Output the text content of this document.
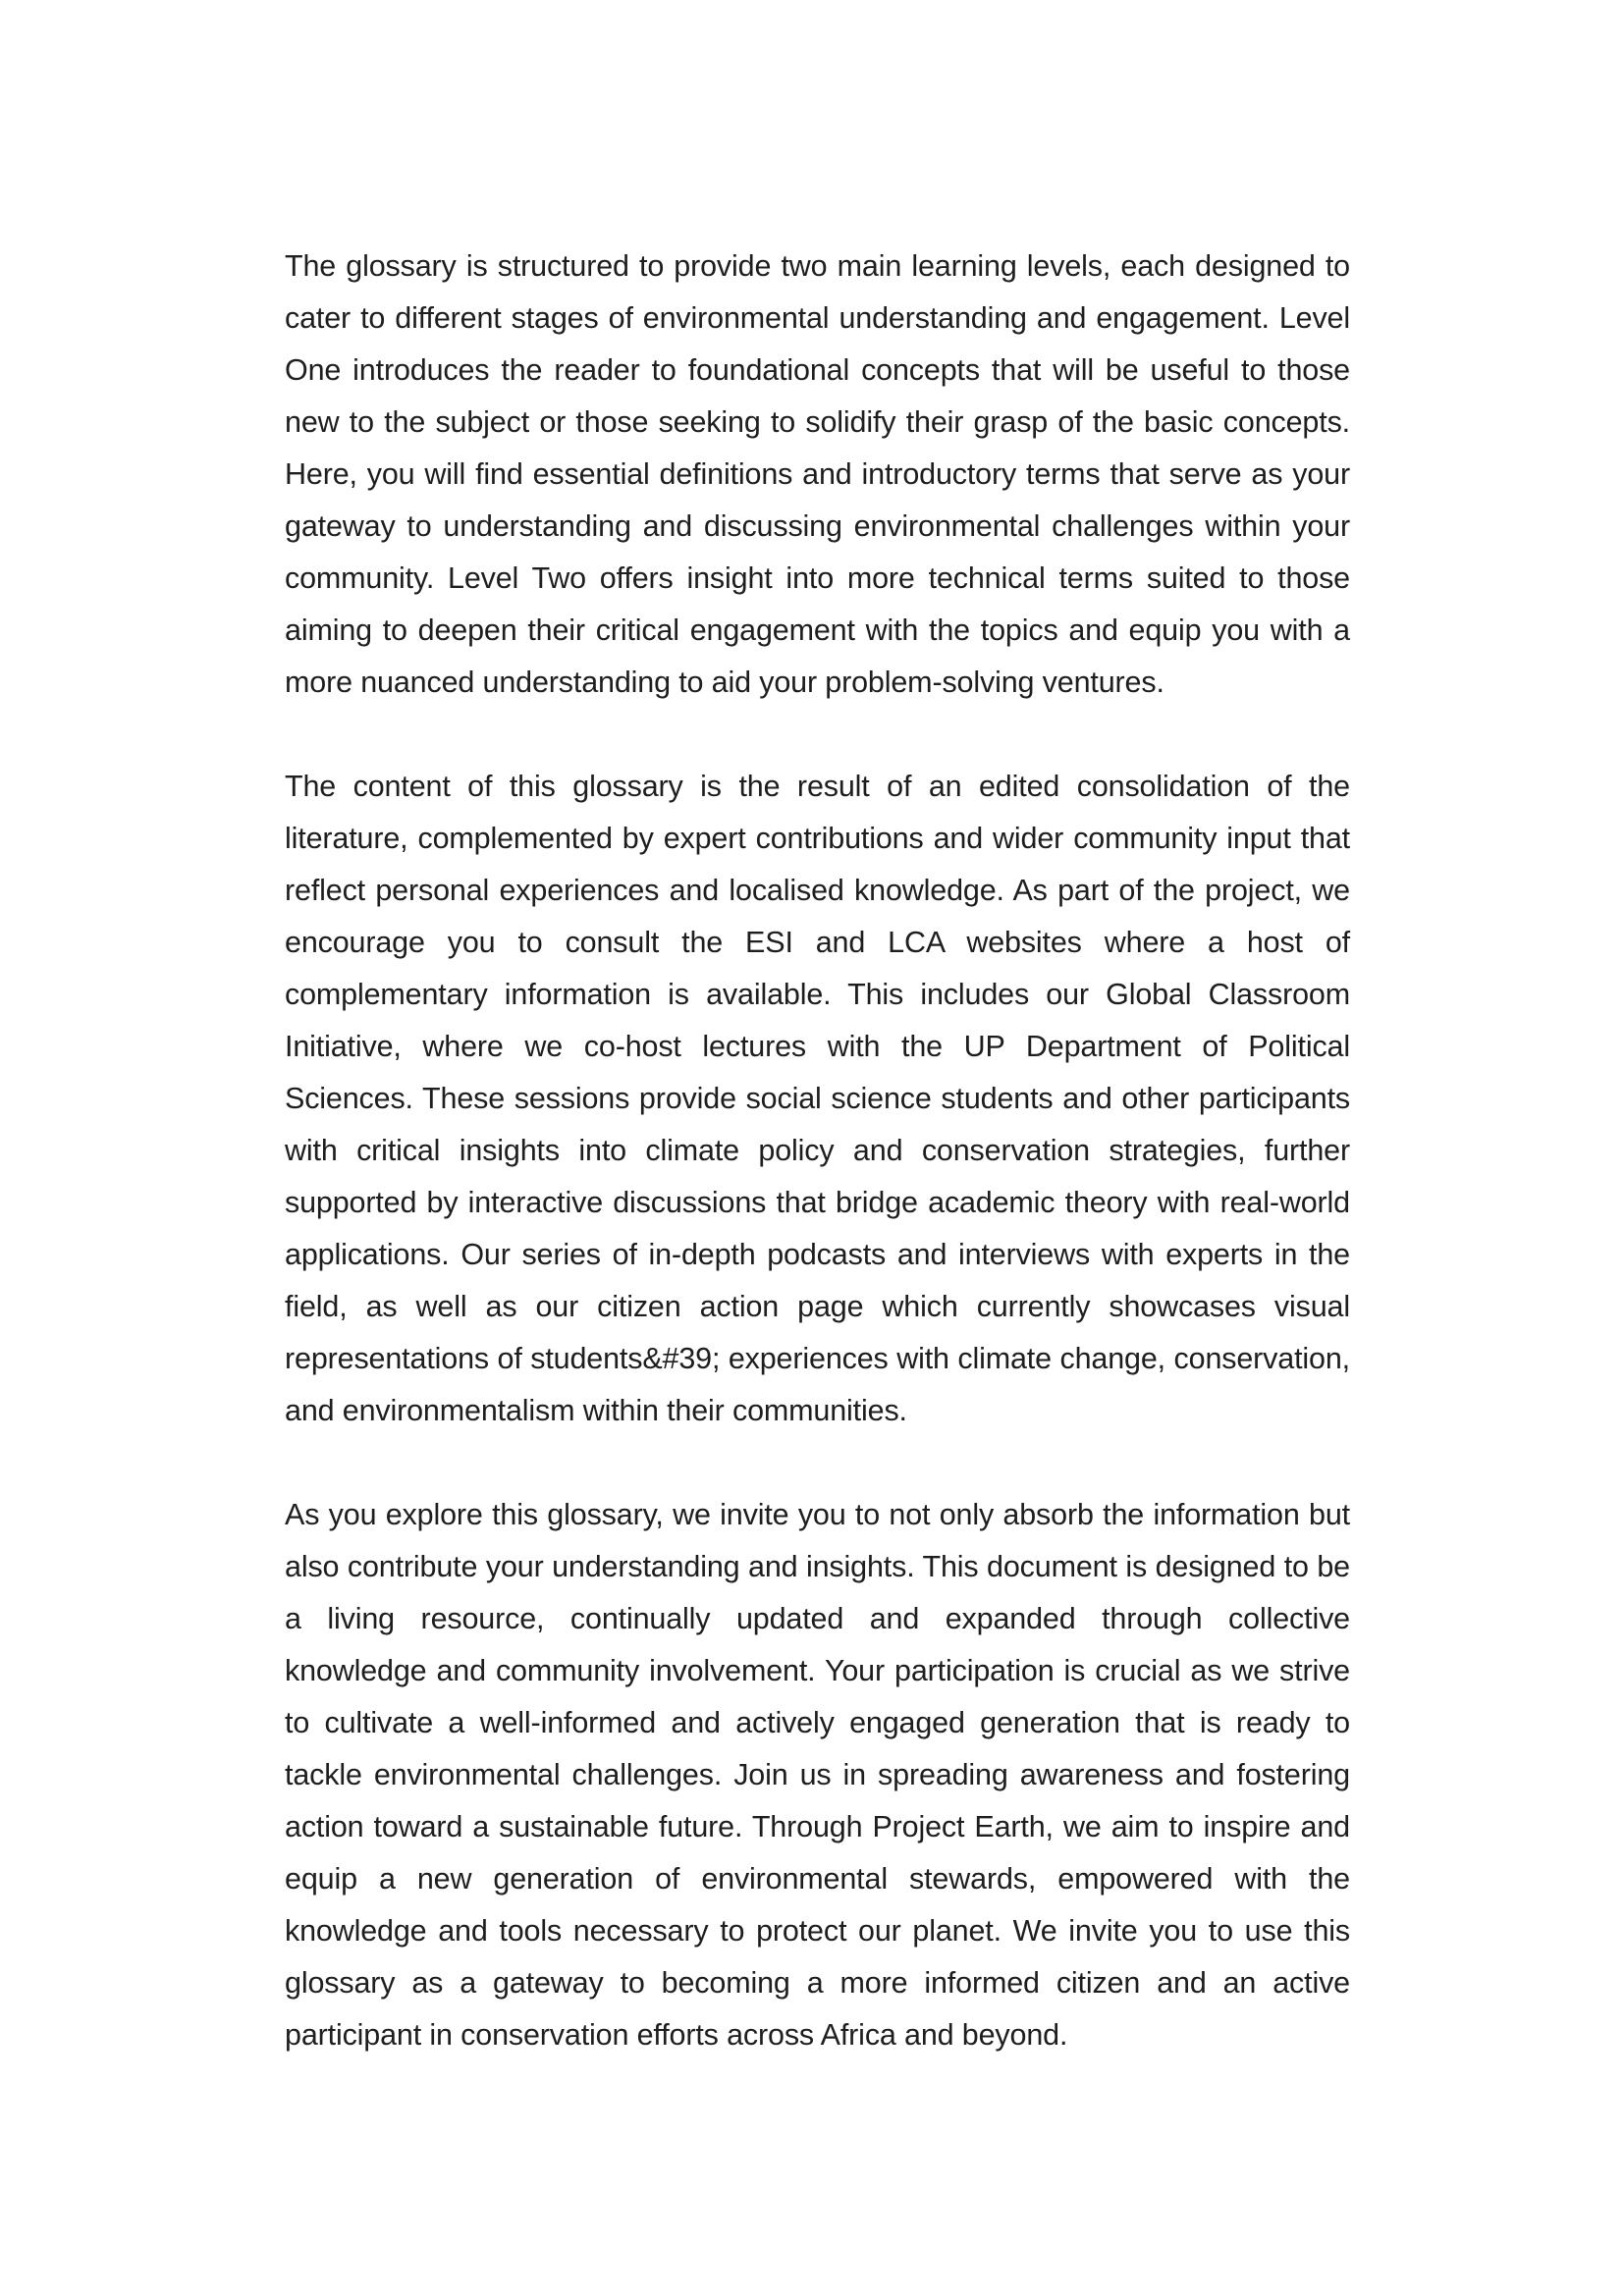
The glossary is structured to provide two main learning levels, each designed to cater to different stages of environmental understanding and engagement. Level One introduces the reader to foundational concepts that will be useful to those new to the subject or those seeking to solidify their grasp of the basic concepts. Here, you will find essential definitions and introductory terms that serve as your gateway to understanding and discussing environmental challenges within your community. Level Two offers insight into more technical terms suited to those aiming to deepen their critical engagement with the topics and equip you with a more nuanced understanding to aid your problem-solving ventures.

The content of this glossary is the result of an edited consolidation of the literature, complemented by expert contributions and wider community input that reflect personal experiences and localised knowledge. As part of the project, we encourage you to consult the ESI and LCA websites where a host of complementary information is available. This includes our Global Classroom Initiative, where we co-host lectures with the UP Department of Political Sciences. These sessions provide social science students and other participants with critical insights into climate policy and conservation strategies, further supported by interactive discussions that bridge academic theory with real-world applications. Our series of in-depth podcasts and interviews with experts in the field, as well as our citizen action page which currently showcases visual representations of students&#39; experiences with climate change, conservation, and environmentalism within their communities.

As you explore this glossary, we invite you to not only absorb the information but also contribute your understanding and insights. This document is designed to be a living resource, continually updated and expanded through collective knowledge and community involvement. Your participation is crucial as we strive to cultivate a well-informed and actively engaged generation that is ready to tackle environmental challenges. Join us in spreading awareness and fostering action toward a sustainable future. Through Project Earth, we aim to inspire and equip a new generation of environmental stewards, empowered with the knowledge and tools necessary to protect our planet. We invite you to use this glossary as a gateway to becoming a more informed citizen and an active participant in conservation efforts across Africa and beyond.
